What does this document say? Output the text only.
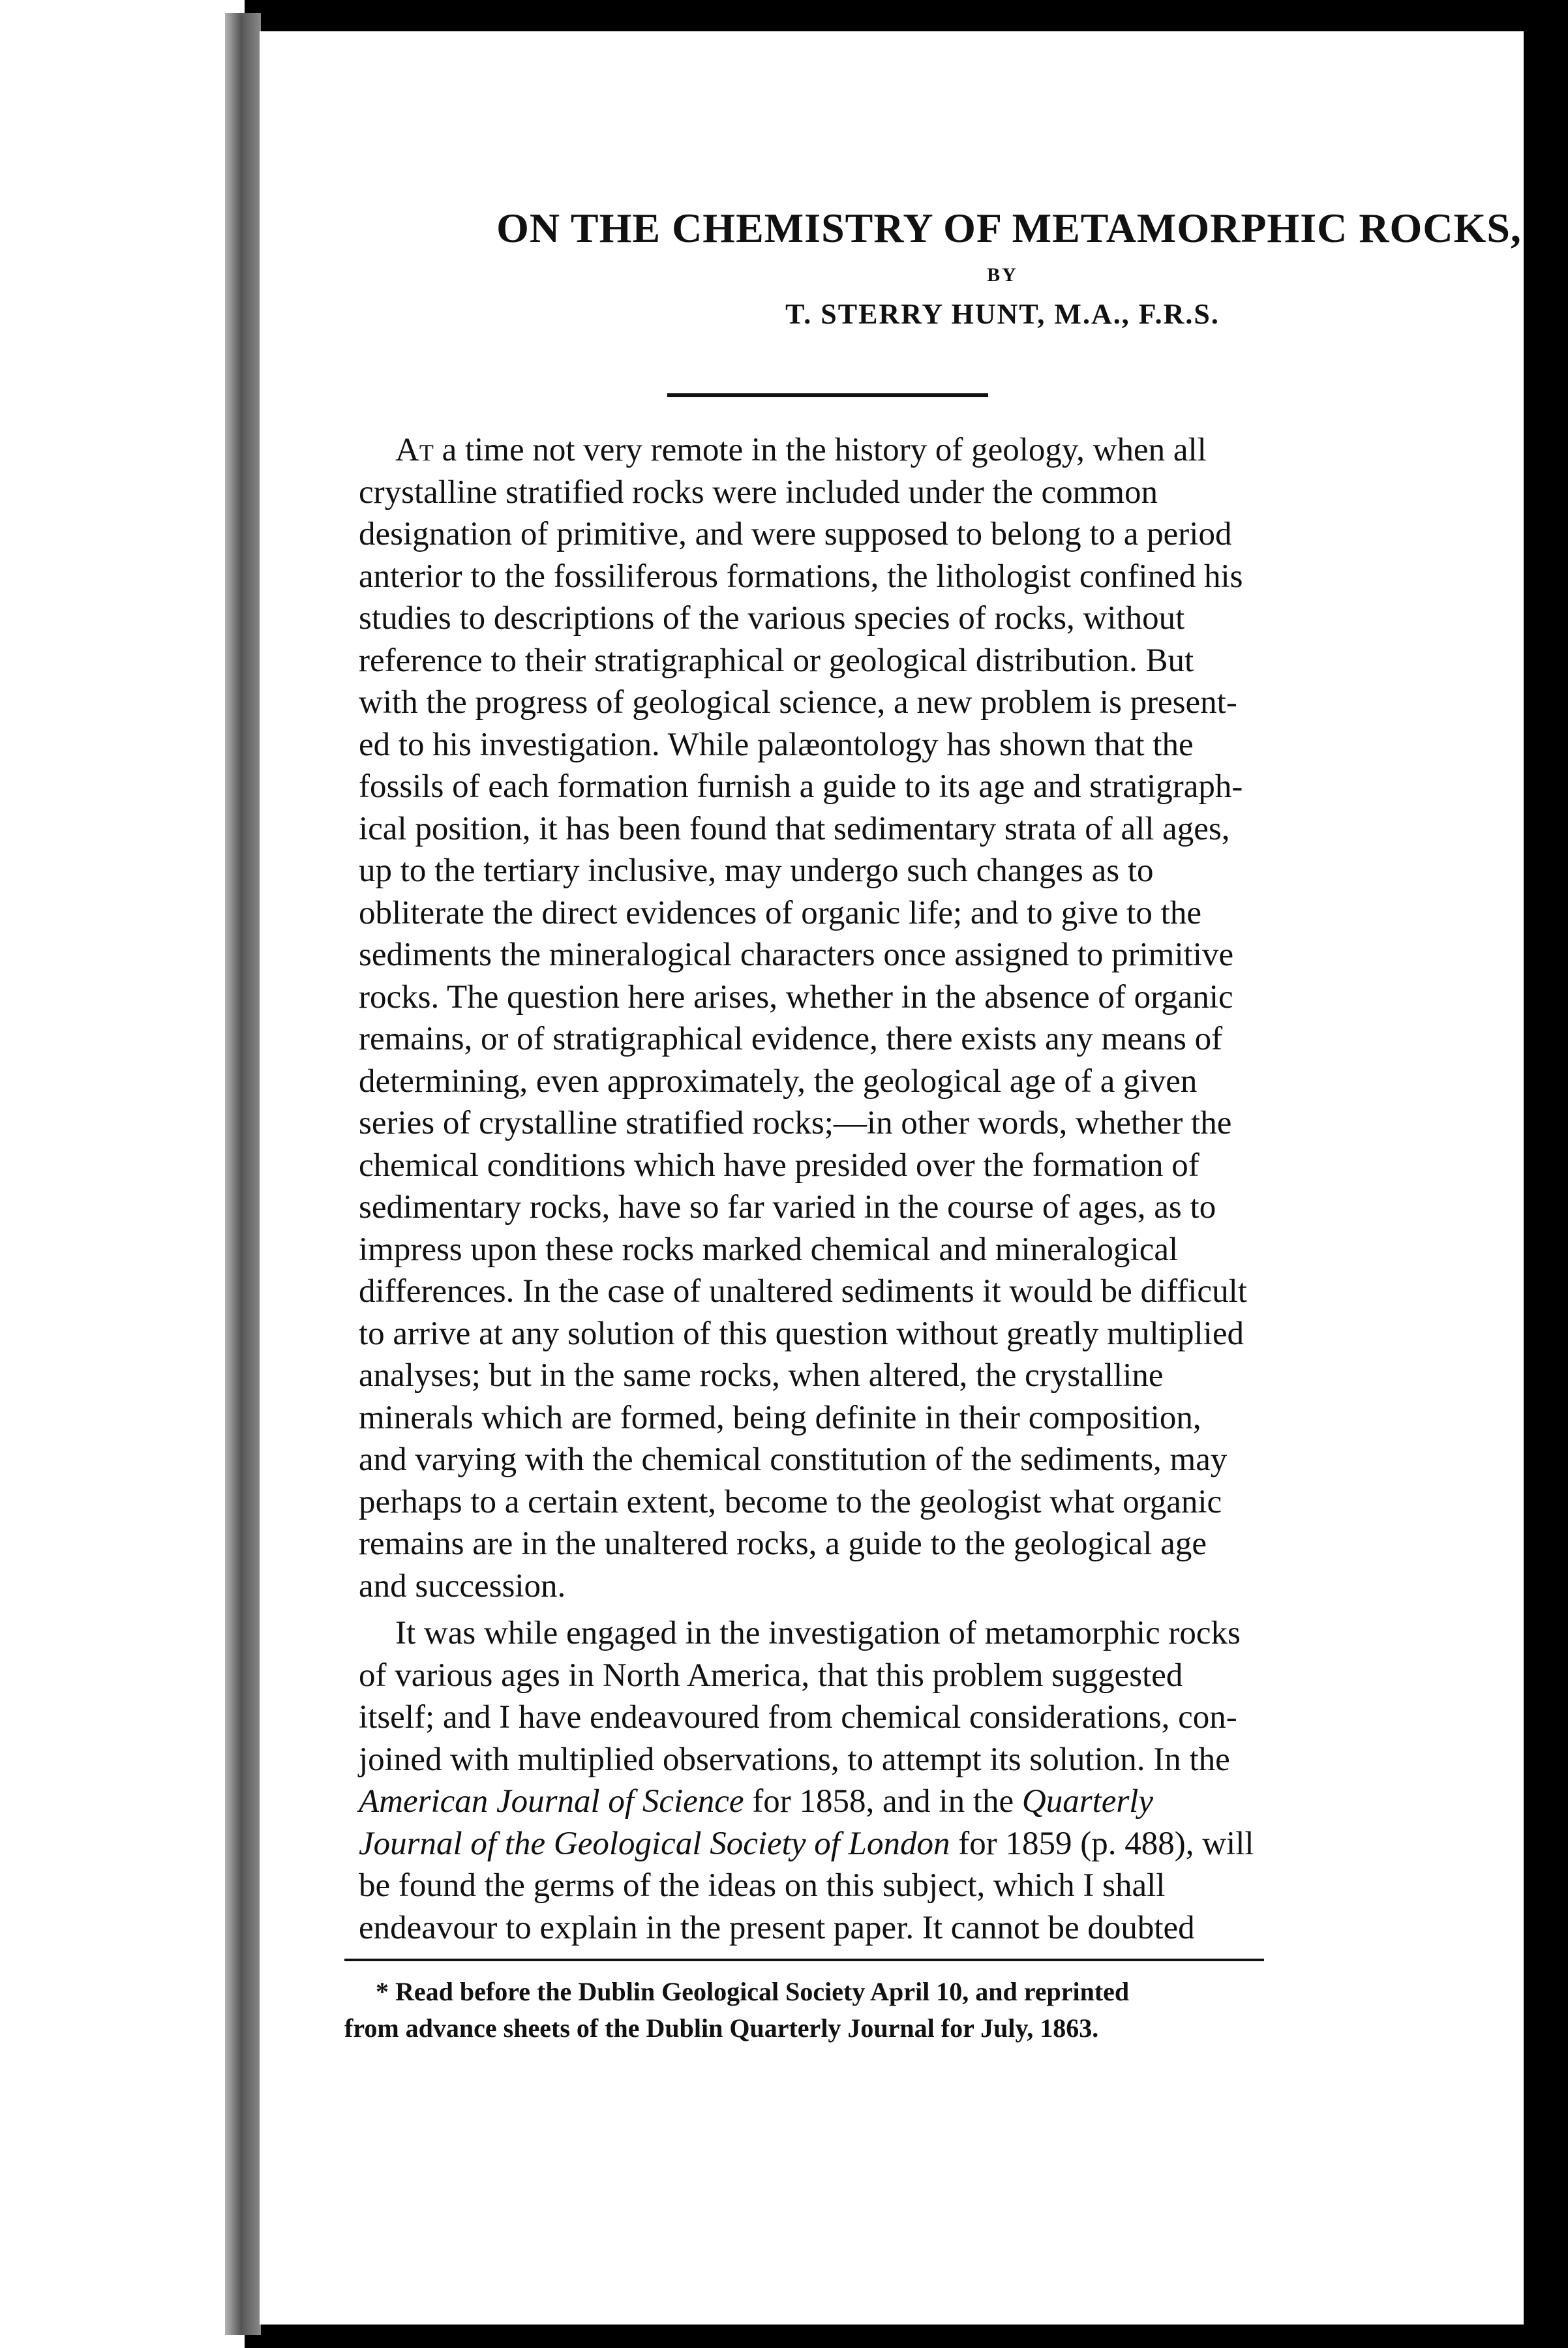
ON THE CHEMISTRY OF METAMORPHIC ROCKS,
BY
T. STERRY HUNT, M.A., F.R.S.

At a time not very remote in the history of geology, when all

crystalline stratified rocks were included under the common

designation of primitive, and were supposed to belong to a period

anterior to the fossiliferous formations, the lithologist confined his

studies to descriptions of the various species of rocks, without

reference to their stratigraphical or geological distribution. But

with the progress of geological science, a new problem is present-

ed to his investigation. While palæontology has shown that the

fossils of each formation furnish a guide to its age and stratigraph-

ical position, it has been found that sedimentary strata of all ages,

up to the tertiary inclusive, may undergo such changes as to

obliterate the direct evidences of organic life; and to give to the

sediments the mineralogical characters once assigned to primitive

rocks. The question here arises, whether in the absence of organic

remains, or of stratigraphical evidence, there exists any means of

determining, even approximately, the geological age of a given

series of crystalline stratified rocks;—in other words, whether the

chemical conditions which have presided over the formation of

sedimentary rocks, have so far varied in the course of ages, as to

impress upon these rocks marked chemical and mineralogical

differences. In the case of unaltered sediments it would be difficult

to arrive at any solution of this question without greatly multiplied

analyses; but in the same rocks, when altered, the crystalline

minerals which are formed, being definite in their composition,

and varying with the chemical constitution of the sediments, may

perhaps to a certain extent, become to the geologist what organic

remains are in the unaltered rocks, a guide to the geological age

and succession.

It was while engaged in the investigation of metamorphic rocks

of various ages in North America, that this problem suggested

itself; and I have endeavoured from chemical considerations, con-

joined with multiplied observations, to attempt its solution. In the

American Journal of Science for 1858, and in the Quarterly

Journal of the Geological Society of London for 1859 (p. 488), will

be found the germs of the ideas on this subject, which I shall

endeavour to explain in the present paper. It cannot be doubted

* Read before the Dublin Geological Society April 10, and reprinted

from advance sheets of the Dublin Quarterly Journal for July, 1863.
